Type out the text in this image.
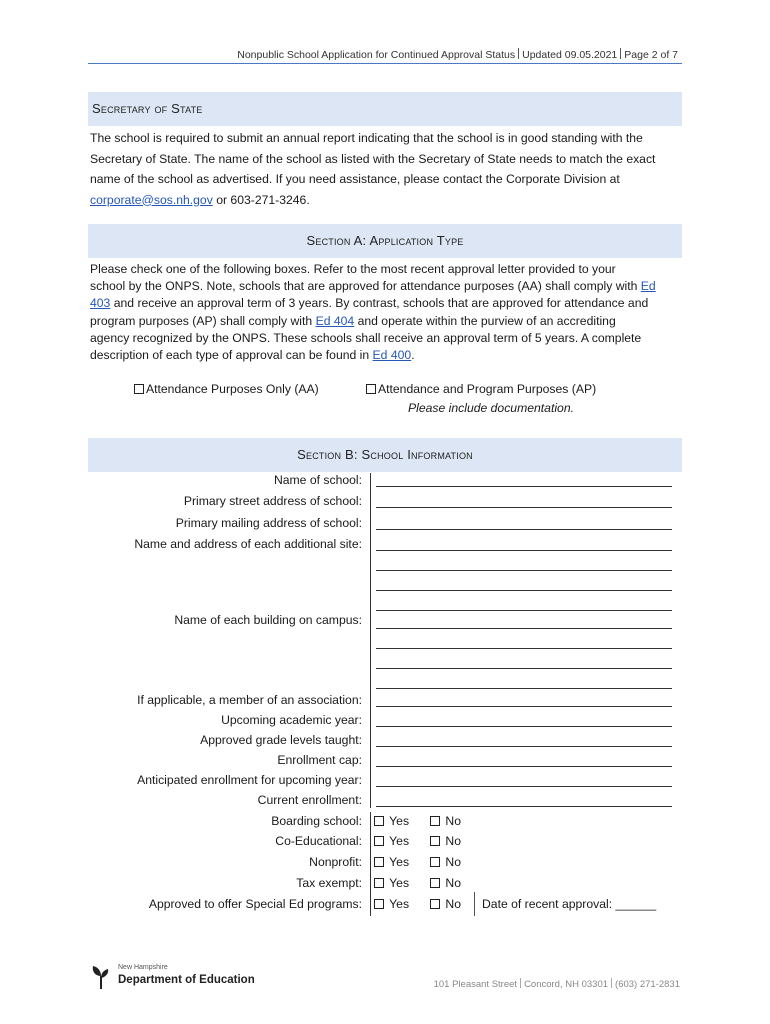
Nonpublic School Application for Continued Approval Status Updated 09.05.2021 Page 2 of 7
Secretary of State
The school is required to submit an annual report indicating that the school is in good standing with the
Secretary of State. The name of the school as listed with the Secretary of State needs to match the exact
name of the school as advertised. If you need assistance, please contact the Corporate Division at
corporate@sos.nh.gov or 603-271-3246.
Section A: Application Type
Please check one of the following boxes. Refer to the most recent approval letter provided to your
school by the ONPS. Note, schools that are approved for attendance purposes (AA) shall comply with Ed
403 and receive an approval term of 3 years. By contrast, schools that are approved for attendance and
program purposes (AP) shall comply with Ed 404 and operate within the purview of an accrediting
agency recognized by the ONPS. These schools shall receive an approval term of 5 years. A complete
description of each type of approval can be found in Ed 400.
Attendance Purposes Only (AA)	Attendance and Program Purposes (AP)
Please include documentation.
Section B: School Information
Name of school:
Primary street address of school:
Primary mailing address of school:
Name and address of each additional site:
Name of each building on campus:
If applicable, a member of an association:
Upcoming academic year:
Approved grade levels taught:
Enrollment cap:
Anticipated enrollment for upcoming year:
Current enrollment:
Boarding school:	Yes	No
Co-Educational:	Yes	No
Nonprofit:	Yes	No
Tax exempt:	Yes	No
Approved to offer Special Ed programs:	Yes	No Date of recent approval: ______
New Hampshire
Department of Education	101 Pleasant Street Concord, NH 03301 (603) 271-2831
